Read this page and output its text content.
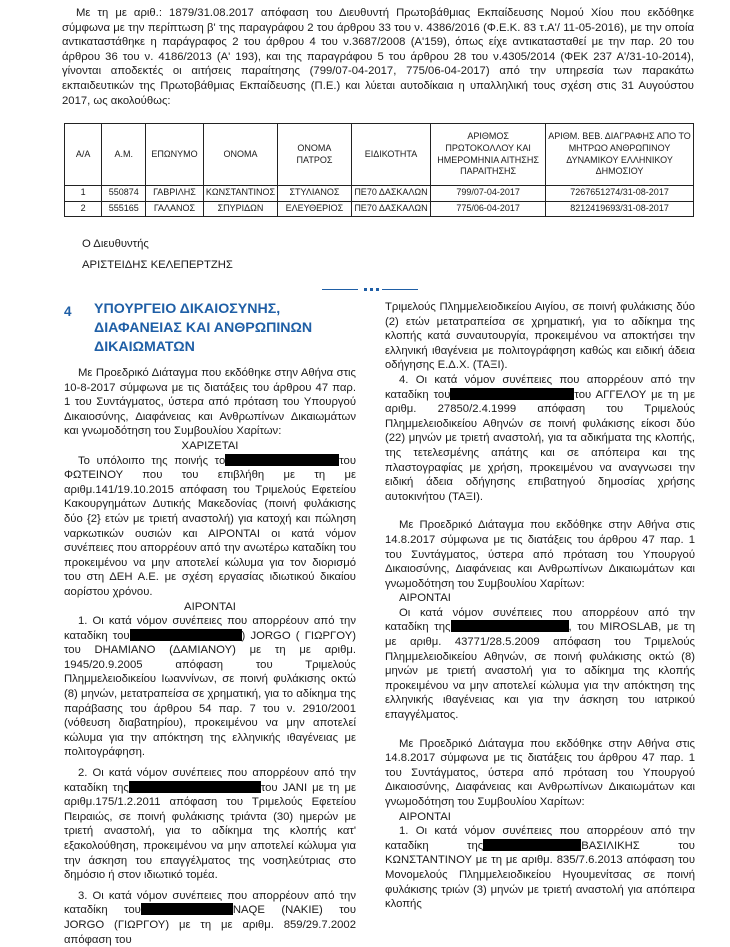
Με τη με αριθ.: 1879/31.08.2017 απόφαση του Διευθυντή Πρωτοβάθμιας Εκπαίδευσης Νομού Χίου που εκδόθηκε σύμφωνα με την περίπτωση β' της παραγράφου 2 του άρθρου 33 του ν. 4386/2016 (Φ.Ε.Κ. 83 τ.Α'/ 11-05-2016), με την οποία αντικαταστάθηκε η παράγραφος 2 του άρθρου 4 του ν.3687/2008 (Α'159), όπως είχε αντικατασταθεί με την παρ. 20 του άρθρου 36 του ν. 4186/2013 (Α' 193), και της παραγράφου 5 του άρθρου 28 του ν.4305/2014 (ΦΕΚ 237 Α'/31-10-2014), γίνονται αποδεκτές οι αιτήσεις παραίτησης (799/07-04-2017, 775/06-04-2017) από την υπηρεσία των παρακάτω εκπαιδευτικών της Πρωτοβάθμιας Εκπαίδευσης (Π.Ε.) και λύεται αυτοδίκαια η υπαλληλική τους σχέση στις 31 Αυγούστου 2017, ως ακολούθως:

Α/Α	Α.Μ.	ΕΠΩΝΥΜΟ	ΟΝΟΜΑ	ΟΝΟΜΑ ΠΑΤΡΟΣ	ΕΙΔΙΚΟΤΗΤΑ	ΑΡΙΘΜΟΣ ΠΡΩΤΟΚΟΛΛΟΥ ΚΑΙ ΗΜΕΡΟΜΗΝΙΑ ΑΙΤΗΣΗΣ ΠΑΡΑΙΤΗΣΗΣ	ΑΡΙΘΜ. ΒΕΒ. ΔΙΑΓΡΑΦΗΣ ΑΠΟ ΤΟ ΜΗΤΡΩΟ ΑΝΘΡΩΠΙΝΟΥ ΔΥΝΑΜΙΚΟΥ ΕΛΛΗΝΙΚΟΥ ΔΗΜΟΣΙΟΥ
1	550874	ΓΑΒΡΙΛΗΣ	ΚΩΝΣΤΑΝΤΙΝΟΣ	ΣΤΥΛΙΑΝΟΣ	ΠΕ70 ΔΑΣΚΑΛΩΝ	799/07-04-2017	7267651274/31-08-2017
2	555165	ΓΑΛΑΝΟΣ	ΣΠΥΡΙΔΩΝ	ΕΛΕΥΘΕΡΙΟΣ	ΠΕ70 ΔΑΣΚΑΛΩΝ	775/06-04-2017	8212419693/31-08-2017
Ο Διευθυντής
ΑΡΙΣΤΕΙΔΗΣ ΚΕΛΕΠΕΡΤΖΗΣ
4 ΥΠΟΥΡΓΕΙΟ ΔΙΚΑΙΟΣΥΝΗΣ, ΔΙΑΦΑΝΕΙΑΣ ΚΑΙ ΑΝΘΡΩΠΙΝΩΝ ΔΙΚΑΙΩΜΑΤΩΝ

Με Προεδρικό Διάταγμα που εκδόθηκε στην Αθήνα στις 10-8-2017 σύμφωνα με τις διατάξεις του άρθρου 47 παρ. 1 του Συντάγματος, ύστερα από πρόταση του Υπουργού Δικαιοσύνης, Διαφάνειας και Ανθρωπίνων Δικαιωμάτων και γνωμοδότηση του Συμβουλίου Χαρίτων:

ΧΑΡΙΖΕΤΑΙ

Το υπόλοιπο της ποινής το	του ΦΩΤΕΙΝΟΥ που του επιβλήθη με τη με αριθμ.141/19.10.2015 απόφαση του Τριμελούς Εφετείου Κακουργημάτων Δυτικής Μακεδονίας (ποινή φυλάκισης δύο {2} ετών με τριετή αναστολή) για κατοχή και πώληση ναρκωτικών ουσιών και ΑΙΡΟΝΤΑΙ οι κατά νόμον συνέπειες που απορρέουν από την ανωτέρω καταδίκη του προκειμένου να μην αποτελεί κώλυμα για τον διορισμό του στη ΔΕΗ Α.Ε. με σχέση εργασίας ιδιωτικού δικαίου αορίστου χρόνου.

ΑΙΡΟΝΤΑΙ

1. Οι κατά νόμον συνέπειες που απορρέουν από την καταδίκη του	) JORGO ( ΓΙΩΡΓΟΥ) του DHAMIANO (ΔΑΜΙΑΝΟΥ) με τη με αριθμ. 1945/20.9.2005 απόφαση του Τριμελούς Πλημμελειοδικείου Ιωαννίνων, σε ποινή φυλάκισης οκτώ (8) μηνών, μετατραπείσα σε χρηματική, για το αδίκημα της παράβασης του άρθρου 54 παρ. 7 του ν. 2910/2001 (νόθευση διαβατηρίου), προκειμένου να μην αποτελεί κώλυμα για την απόκτηση της ελληνικής ιθαγένειας με πολιτογράφηση.

2. Οι κατά νόμον συνέπειες που απορρέουν από την καταδίκη της	του JANI με τη με αριθμ.175/1.2.2011 απόφαση του Τριμελούς Εφετείου Πειραιώς, σε ποινή φυλάκισης τριάντα (30) ημερών με τριετή αναστολή, για το αδίκημα της κλοπής κατ' εξακολούθηση, προκειμένου να μην αποτελεί κώλυμα για την άσκηση του επαγγέλματος της νοσηλεύτριας στο δημόσιο ή στον ιδιωτικό τομέα.

3. Οι κατά νόμον συνέπειες που απορρέουν από την καταδίκη του	NAQE (NAKIE) του JORGO (ΓΙΩΡΓΟΥ) με τη με αριθμ. 859/29.7.2002 απόφαση του

Τριμελούς Πλημμελειοδικείου Αιγίου, σε ποινή φυλάκισης δύο (2) ετών μετατραπείσα σε χρηματική, για το αδίκημα της κλοπής κατά συναυτουργία, προκειμένου να αποκτήσει την ελληνική ιθαγένεια με πολιτογράφηση καθώς και ειδική άδεια οδήγησης Ε.Δ.Χ. (ΤΑΞΙ).

4. Οι κατά νόμον συνέπειες που απορρέουν από την καταδίκη του	του ΑΓΓΕΛΟΥ με τη με αριθμ. 27850/2.4.1999 απόφαση του Τριμελούς Πλημμελειοδικείου Αθηνών σε ποινή φυλάκισης είκοσι δύο (22) μηνών με τριετή αναστολή, για τα αδικήματα της κλοπής, της τετελεσμένης απάτης και σε απόπειρα και της πλαστογραφίας με χρήση, προκειμένου να αναγνωσει την ειδική άδεια οδήγησης επιβατηγού δημοσίας χρήσης αυτοκινήτου (ΤΑΞΙ).

Με Προεδρικό Διάταγμα που εκδόθηκε στην Αθήνα στις 14.8.2017 σύμφωνα με τις διατάξεις του άρθρου 47 παρ. 1 του Συντάγματος, ύστερα από πρόταση του Υπουργού Δικαιοσύνης, Διαφάνειας και Ανθρωπίνων Δικαιωμάτων και γνωμοδότηση του Συμβουλίου Χαρίτων:

ΑΙΡΟΝΤΑΙ

Οι κατά νόμον συνέπειες που απορρέουν από την καταδίκη της	, του MIROSLAB, με τη με αριθμ. 43771/28.5.2009 απόφαση του Τριμελούς Πλημμελειοδικείου Αθηνών, σε ποινή φυλάκισης οκτώ (8) μηνών με τριετή αναστολή για το αδίκημα της κλοπής προκειμένου να μην αποτελεί κώλυμα για την απόκτηση της ελληνικής ιθαγένειας και για την άσκηση του ιατρικού επαγγέλματος.

Με Προεδρικό Διάταγμα που εκδόθηκε στην Αθήνα στις 14.8.2017 σύμφωνα με τις διατάξεις του άρθρου 47 παρ. 1 του Συντάγματος, ύστερα από πρόταση του Υπουργού Δικαιοσύνης, Διαφάνειας και Ανθρωπίνων Δικαιωμάτων και γνωμοδότηση του Συμβουλίου Χαρίτων:

ΑΙΡΟΝΤΑΙ

1. Οι κατά νόμον συνέπειες που απορρέουν από την καταδίκη της	ΒΑΣΙΛΙΚΗΣ του ΚΩΝΣΤΑΝΤΙΝΟΥ με τη με αριθμ. 835/7.6.2013 απόφαση του Μονομελούς Πλημμελειοδικείου Ηγουμενίτσας σε ποινή φυλάκισης τριών (3) μηνών με τριετή αναστολή για απόπειρα κλοπής
